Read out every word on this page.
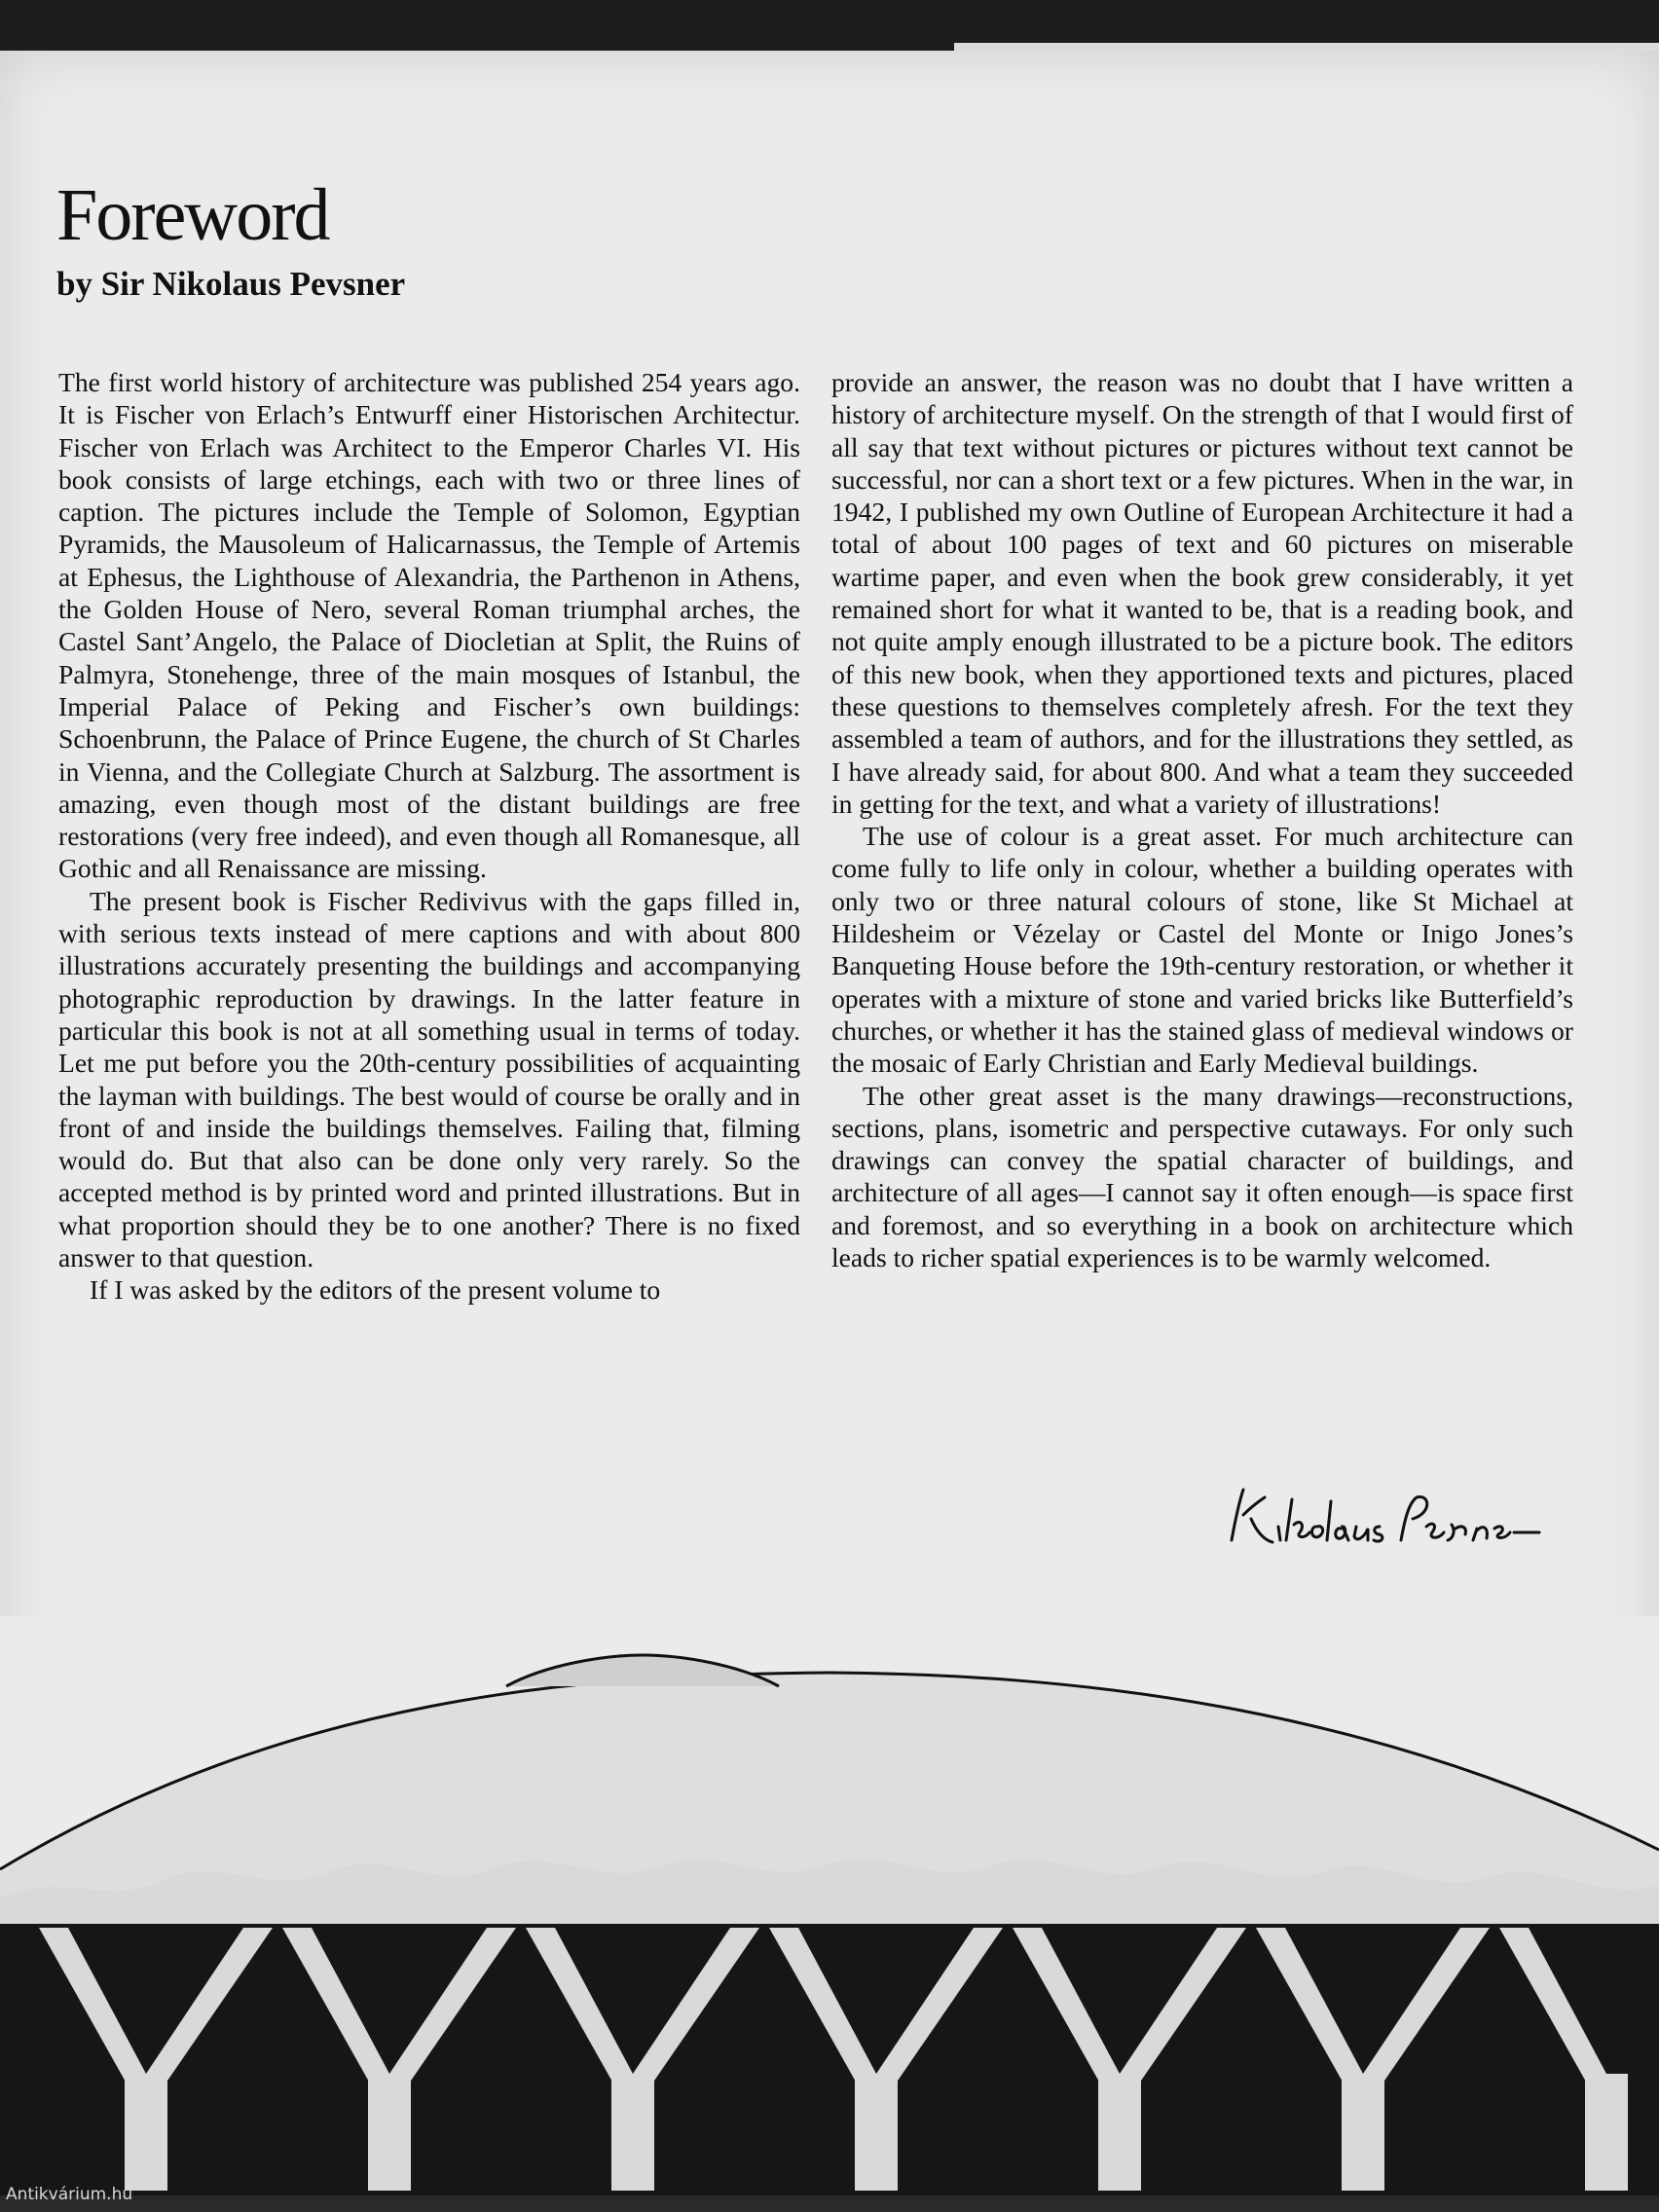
Foreword
by Sir Nikolaus Pevsner

The first world history of architecture was published 254 years ago. It is Fischer von Erlach’s Entwurff einer Historischen Architectur. Fischer von Erlach was Architect to the Emperor Charles VI. His book consists of large etchings, each with two or three lines of caption. The pictures include the Temple of Solomon, Egyptian Pyramids, the Mausoleum of Halicarnassus, the Temple of Artemis at Ephesus, the Lighthouse of Alexandria, the Parthenon in Athens, the Golden House of Nero, several Roman triumphal arches, the Castel Sant’Angelo, the Palace of Diocletian at Split, the Ruins of Palmyra, Stonehenge, three of the main mosques of Istanbul, the Imperial Palace of Peking and Fischer’s own buildings: Schoenbrunn, the Palace of Prince Eugene, the church of St Charles in Vienna, and the Collegiate Church at Salzburg. The assortment is amazing, even though most of the distant buildings are free restorations (very free indeed), and even though all Romanesque, all Gothic and all Renaissance are missing.

The present book is Fischer Redivivus with the gaps filled in, with serious texts instead of mere captions and with about 800 illustrations accurately presenting the buildings and accompanying photographic reproduction by drawings. In the latter feature in particular this book is not at all something usual in terms of today. Let me put before you the 20th-century possibilities of acquainting the layman with buildings. The best would of course be orally and in front of and inside the buildings themselves. Failing that, filming would do. But that also can be done only very rarely. So the accepted method is by printed word and printed illustrations. But in what proportion should they be to one another? There is no fixed answer to that question.

If I was asked by the editors of the present volume to

provide an answer, the reason was no doubt that I have written a history of architecture myself. On the strength of that I would first of all say that text without pictures or pictures without text cannot be successful, nor can a short text or a few pictures. When in the war, in 1942, I published my own Outline of European Architecture it had a total of about 100 pages of text and 60 pictures on miserable wartime paper, and even when the book grew considerably, it yet remained short for what it wanted to be, that is a reading book, and not quite amply enough illustrated to be a picture book. The editors of this new book, when they apportioned texts and pictures, placed these questions to themselves completely afresh. For the text they assembled a team of authors, and for the illustrations they settled, as I have already said, for about 800. And what a team they succeeded in getting for the text, and what a variety of illustrations!

The use of colour is a great asset. For much architecture can come fully to life only in colour, whether a building operates with only two or three natural colours of stone, like St Michael at Hildesheim or Vézelay or Castel del Monte or Inigo Jones’s Banqueting House before the 19th-century restoration, or whether it operates with a mixture of stone and varied bricks like Butterfield’s churches, or whether it has the stained glass of medieval windows or the mosaic of Early Christian and Early Medieval buildings.

The other great asset is the many drawings—reconstructions, sections, plans, isometric and perspective cutaways. For only such drawings can convey the spatial character of buildings, and architecture of all ages—I cannot say it often enough—is space first and foremost, and so everything in a book on architecture which leads to richer spatial experiences is to be warmly welcomed.

Antikvárium.hu
